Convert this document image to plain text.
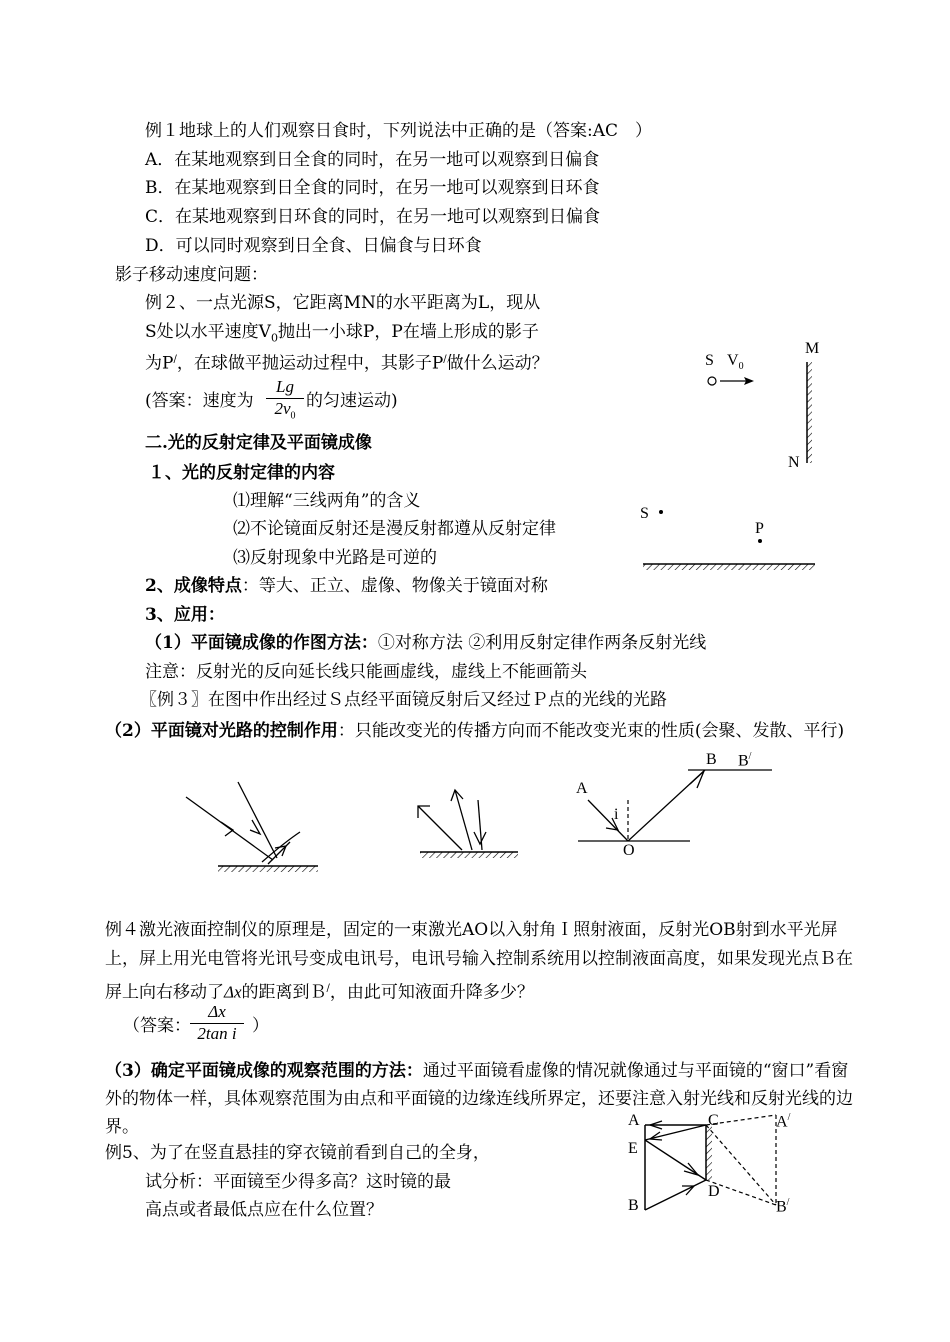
例１地球上的人们观察日食时，下列说法中正确的是（答案:AC　）
A．在某地观察到日全食的同时，在另一地可以观察到日偏食
B．在某地观察到日全食的同时，在另一地可以观察到日环食
C．在某地观察到日环食的同时，在另一地可以观察到日偏食
D．可以同时观察到日全食、日偏食与日环食
影子移动速度问题：
例２、一点光源S，它距离MN的水平距离为L，现从
S处以水平速度$V_0$抛出一小球P，P在墙上形成的影子
为P/，在球做平抛运动过程中，其影子P/做什么运动？
(答案：速度为 $\frac{Lg}{2v_0}$ 的匀速运动)
S $V_0$
M
N
二.光的反射定律及平面镜成像
１、光的反射定律的内容
⑴理解“三线两角”的含义
⑵不论镜面反射还是漫反射都遵从反射定律
⑶反射现象中光路是可逆的
2、成像特点：等大、正立、虚像、物像关于镜面对称
3、应用：
（1）平面镜成像的作图方法：①对称方法 ②利用反射定律作两条反射光线
注意：反射光的反向延长线只能画虚线，虚线上不能画箭头
〖例３〗在图中作出经过Ｓ点经平面镜反射后又经过Ｐ点的光线的光路
（2）平面镜对光路的控制作用：只能改变光的传播方向而不能改变光束的性质(会聚、发散、平行)
S
P
A
i
O
B B/
例４激光液面控制仪的原理是，固定的一束激光AO以入射角Ｉ照射液面，反射光OB射到水平光屏上，屏上用光电管将光讯号变成电讯号，电讯号输入控制系统用以控制液面高度，如果发现光点Ｂ在屏上向右移动了Δx的距离到Ｂ/，由此可知液面升降多少？
（答案： $\frac{\Delta x}{\text{2tan i}}$ ）
（3）确定平面镜成像的观察范围的方法：通过平面镜看虚像的情况就像通过与平面镜的“窗口”看窗外的物体一样，具体观察范围为由点和平面镜的边缘连线所界定，还要注意入射光线和反射光线的边界。
例5、为了在竖直悬挂的穿衣镜前看到自己的全身，
试分析：平面镜至少得多高？这时镜的最
高点或者最低点应在什么位置？
A
E
B
C
D
A/
B/
